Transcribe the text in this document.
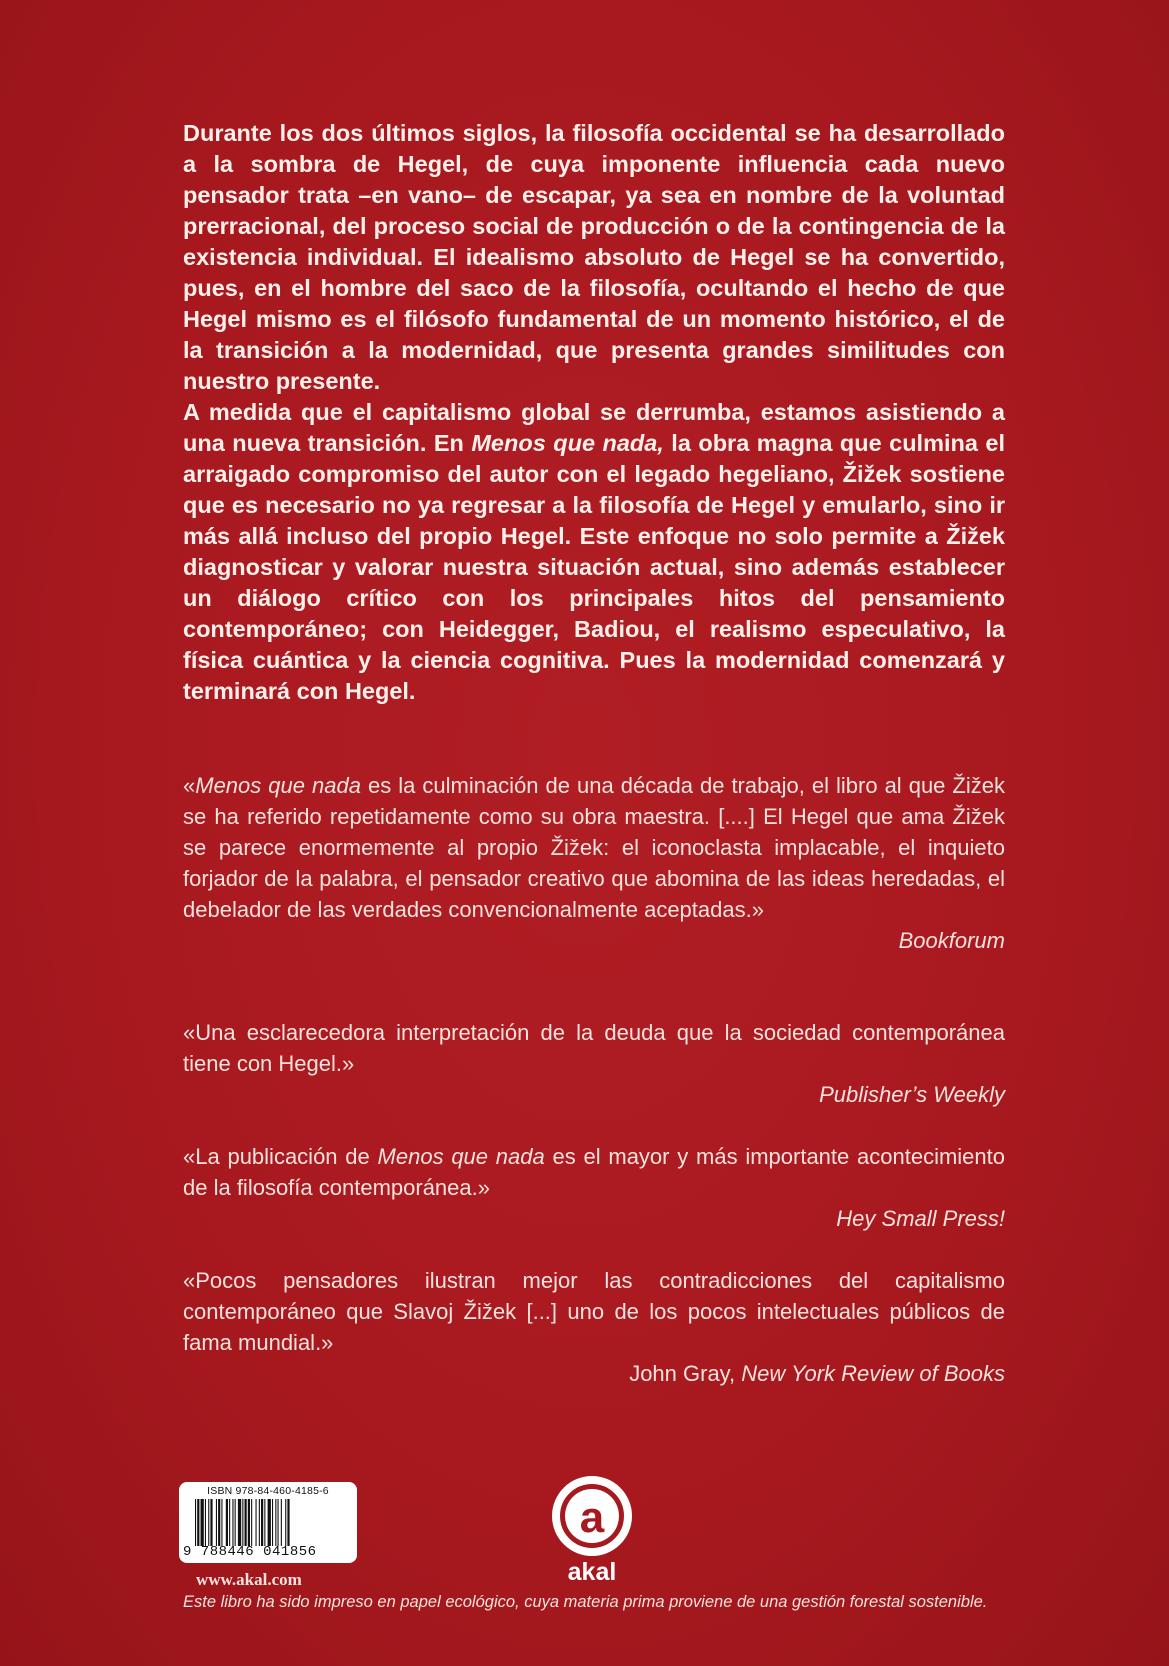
Durante los dos últimos siglos, la filosofía occidental se ha desarrollado a la sombra de Hegel, de cuya imponente influencia cada nuevo pensador trata –en vano– de escapar, ya sea en nombre de la voluntad prerracional, del proceso social de producción o de la contingencia de la existencia individual. El idealismo absoluto de Hegel se ha convertido, pues, en el hombre del saco de la filosofía, ocultando el hecho de que Hegel mismo es el filósofo fundamental de un momento histórico, el de la transición a la modernidad, que presenta grandes similitudes con nuestro presente.

A medida que el capitalismo global se derrumba, estamos asistiendo a una nueva transición. En Menos que nada, la obra magna que culmina el arraigado compromiso del autor con el legado hegeliano, Žižek sostiene que es necesario no ya regresar a la filosofía de Hegel y emularlo, sino ir más allá incluso del propio Hegel. Este enfoque no solo permite a Žižek diagnosticar y valorar nuestra situación actual, sino además establecer un diálogo crítico con los principales hitos del pensamiento contemporáneo; con Heidegger, Badiou, el realismo especulativo, la física cuántica y la ciencia cognitiva. Pues la modernidad comenzará y terminará con Hegel.

«Menos que nada es la culminación de una década de trabajo, el libro al que Žižek se ha referido repetidamente como su obra maestra. [....] El Hegel que ama Žižek se parece enormemente al propio Žižek: el iconoclasta implacable, el inquieto forjador de la palabra, el pensador creativo que abomina de las ideas heredadas, el debelador de las verdades convencionalmente aceptadas.»

Bookforum

«Una esclarecedora interpretación de la deuda que la sociedad contemporánea tiene con Hegel.»

Publisher’s Weekly

«La publicación de Menos que nada es el mayor y más importante acontecimiento de la filosofía contemporánea.»

Hey Small Press!

«Pocos pensadores ilustran mejor las contradicciones del capitalismo contemporáneo que Slavoj Žižek [...] uno de los pocos intelectuales públicos de fama mundial.»

John Gray, New York Review of Books

ISBN 978-84-460-4185-6
9 788446 041856
www.akal.com
a
akal
Este libro ha sido impreso en papel ecológico, cuya materia prima proviene de una gestión forestal sostenible.
